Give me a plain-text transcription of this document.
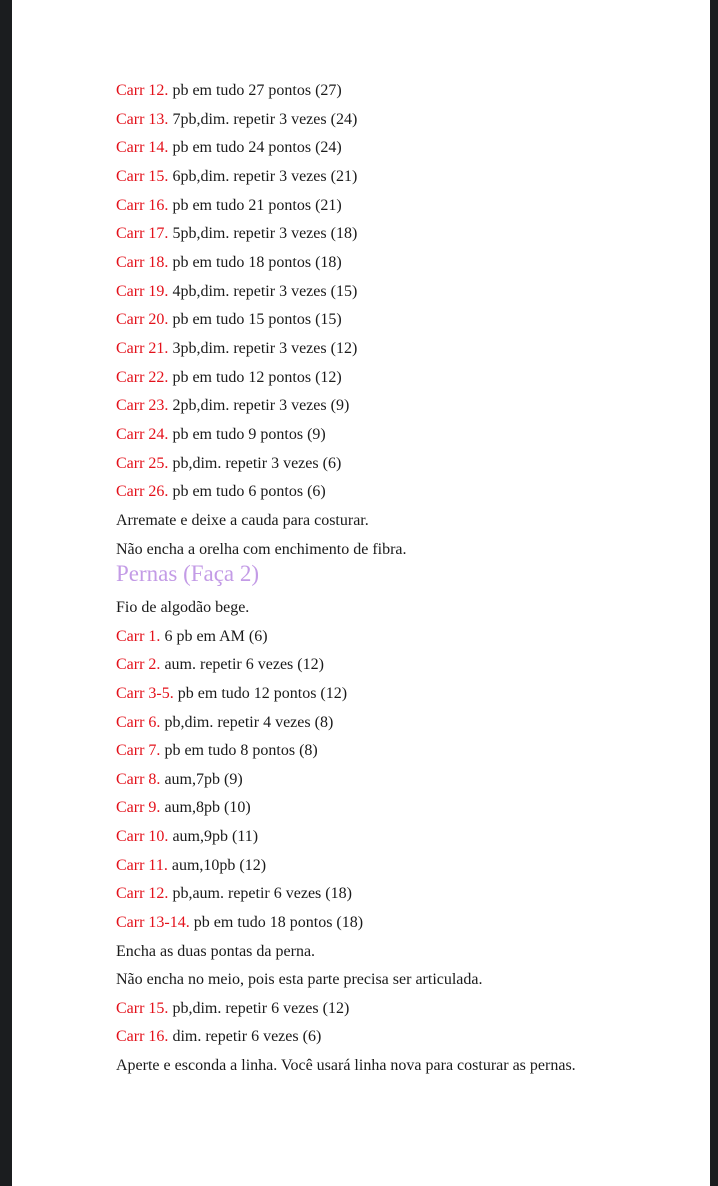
Carr 12. pb em tudo 27 pontos (27)
Carr 13. 7pb,dim. repetir 3 vezes (24)
Carr 14. pb em tudo 24 pontos (24)
Carr 15. 6pb,dim. repetir 3 vezes (21)
Carr 16. pb em tudo 21 pontos (21)
Carr 17. 5pb,dim. repetir 3 vezes (18)
Carr 18. pb em tudo 18 pontos (18)
Carr 19. 4pb,dim. repetir 3 vezes (15)
Carr 20. pb em tudo 15 pontos (15)
Carr 21. 3pb,dim. repetir 3 vezes (12)
Carr 22. pb em tudo 12 pontos (12)
Carr 23. 2pb,dim. repetir 3 vezes (9)
Carr 24. pb em tudo 9 pontos (9)
Carr 25. pb,dim. repetir 3 vezes (6)
Carr 26. pb em tudo 6 pontos (6)
Arremate e deixe a cauda para costurar.
Não encha a orelha com enchimento de fibra.
Pernas (Faça 2)
Fio de algodão bege.
Carr 1. 6 pb em AM (6)
Carr 2. aum. repetir 6 vezes (12)
Carr 3-5. pb em tudo 12 pontos (12)
Carr 6. pb,dim. repetir 4 vezes (8)
Carr 7. pb em tudo 8 pontos (8)
Carr 8. aum,7pb (9)
Carr 9. aum,8pb (10)
Carr 10. aum,9pb (11)
Carr 11. aum,10pb (12)
Carr 12. pb,aum. repetir 6 vezes (18)
Carr 13-14. pb em tudo 18 pontos (18)
Encha as duas pontas da perna.
Não encha no meio, pois esta parte precisa ser articulada.
Carr 15. pb,dim. repetir 6 vezes (12)
Carr 16. dim. repetir 6 vezes (6)
Aperte e esconda a linha. Você usará linha nova para costurar as pernas.
